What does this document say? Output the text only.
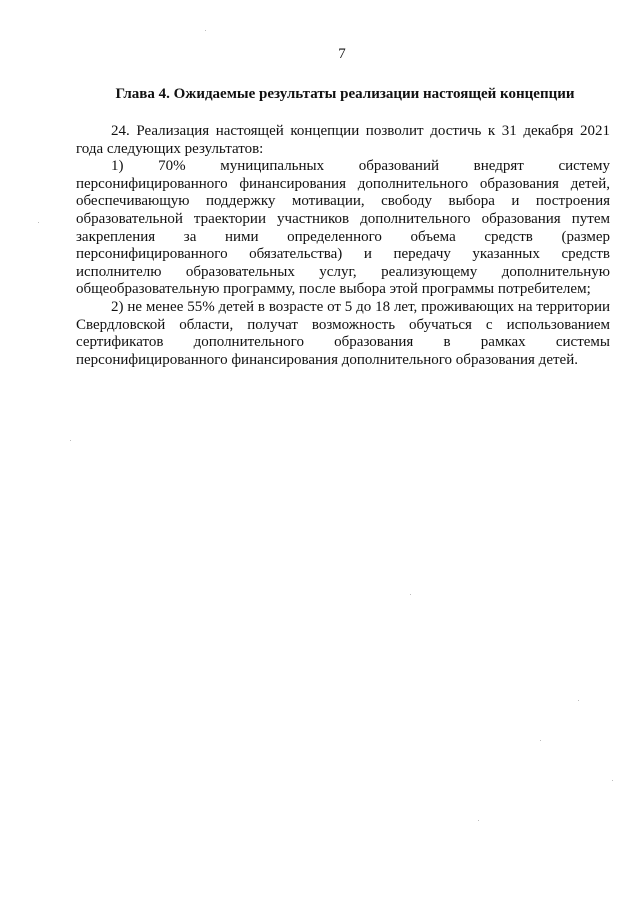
7
Глава 4. Ожидаемые результаты реализации настоящей концепции

24. Реализация настоящей концепции позволит достичь к 31 декабря 2021 года следующих результатов:

1) 70% муниципальных образований внедрят систему персонифицированного финансирования дополнительного образования детей, обеспечивающую поддержку мотивации, свободу выбора и построения образовательной траектории участников дополнительного образования путем закрепления за ними определенного объема средств (размер персонифицированного обязательства) и передачу указанных средств исполнителю образовательных услуг, реализующему дополнительную общеобразовательную программу, после выбора этой программы потребителем;

2) не менее 55% детей в возрасте от 5 до 18 лет, проживающих на территории Свердловской области, получат возможность обучаться с использованием сертификатов дополнительного образования в рамках системы персонифицированного финансирования дополнительного образования детей.
